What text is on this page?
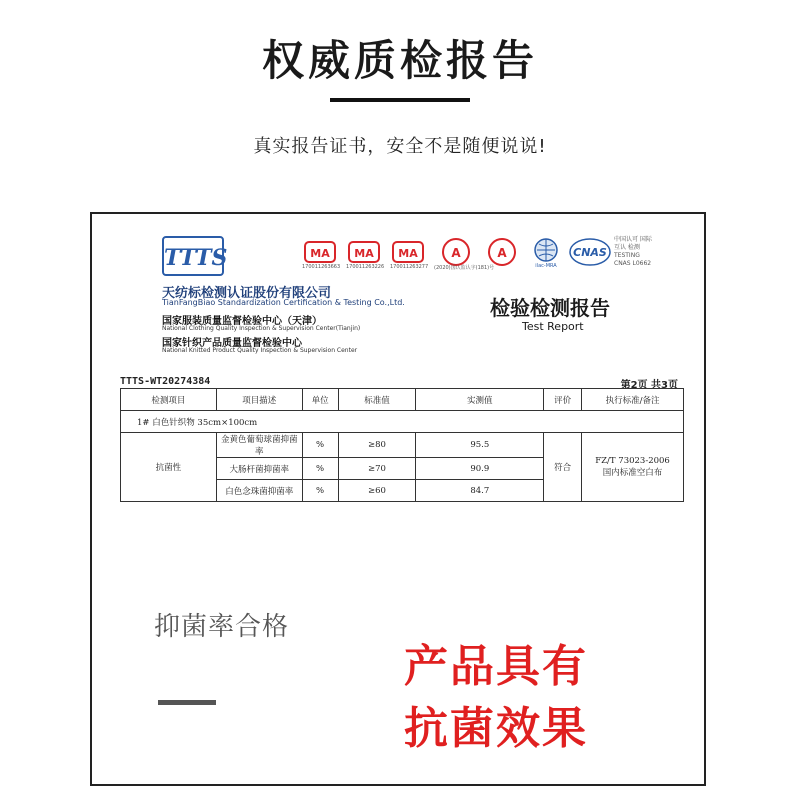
权威质检报告
真实报告证书，安全不是随便说说!
TTTS
天纺标检测认证股份有限公司
TianFangBiao Standardization Certification & Testing Co.,Ltd.
国家服装质量监督检验中心（天津）
National Clothing Quality Inspection & Supervision Center(Tianjin)
国家针织产品质量监督检验中心
National Knitted Product Quality Inspection & Supervision Center
MA
170011263663
MA
170011263226
MA
170011263277
A
(2020)国认监认字(181)号
A
ilac-MRA
CNAS
中国认可 国际互认 检测 TESTING CNAS L0662
检验检测报告
Test Report
TTTS-WT20274384	第2页 共3页
检测项目	项目描述	单位	标准值	实测值	评价	执行标准/备注
1# 白色针织物 35cm×100cm						
抗菌性	金黄色葡萄球菌抑菌率	%	≥80	95.5	符合	FZ/T 73023-2006
国内标准空白布

	大肠杆菌抑菌率	%	≥70	90.9		
	白色念珠菌抑菌率	%	≥60	84.7		
抑菌率合格
产品具有
抗菌效果
